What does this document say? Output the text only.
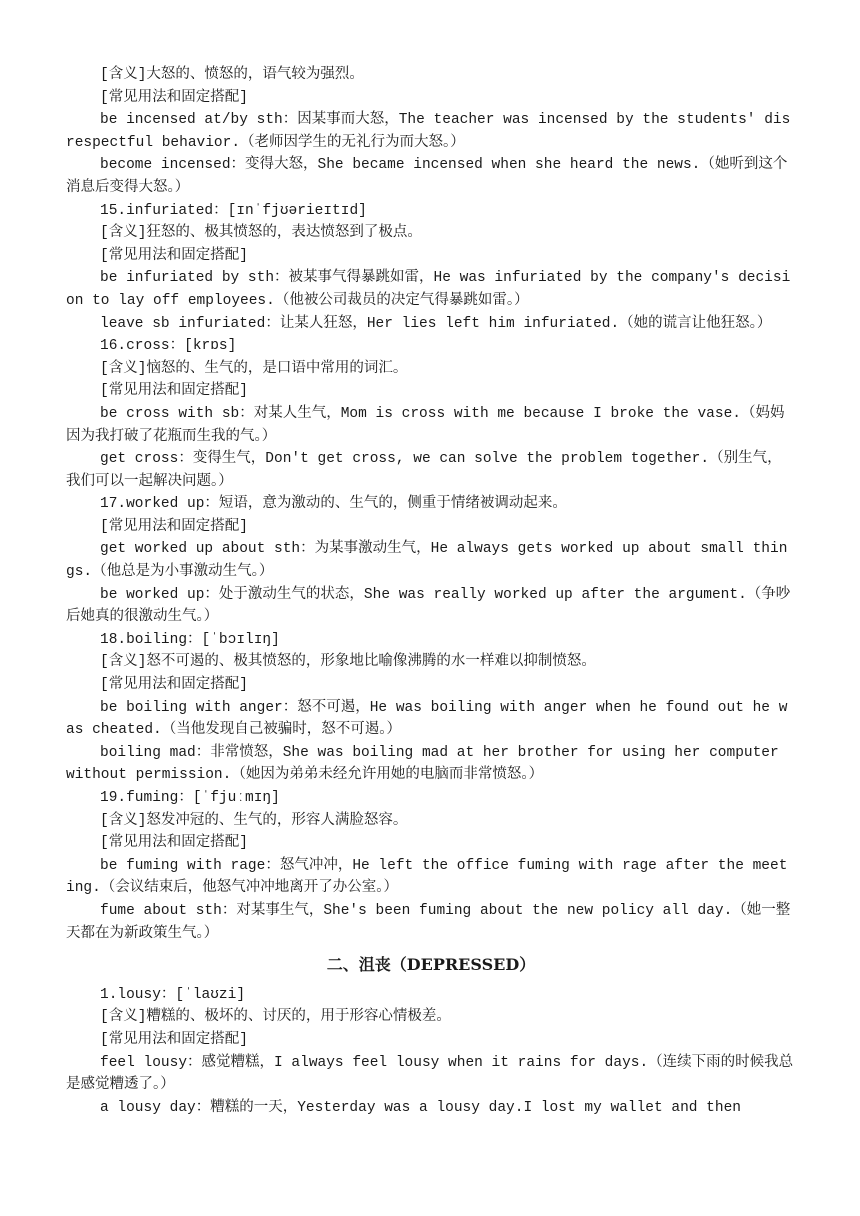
[含义]大怒的、愤怒的，语气较为强烈。

[常见用法和固定搭配]

be incensed at/by sth：因某事而大怒，The teacher was incensed by the students' disrespectful behavior.（老师因学生的无礼行为而大怒。）

become incensed：变得大怒，She became incensed when she heard the news.（她听到这个消息后变得大怒。）

15.infuriated：[ɪnˈfjʊərieɪtɪd]

[含义]狂怒的、极其愤怒的，表达愤怒到了极点。

[常见用法和固定搭配]

be infuriated by sth：被某事气得暴跳如雷，He was infuriated by the company's decision to lay off employees.（他被公司裁员的决定气得暴跳如雷。）

leave sb infuriated：让某人狂怒，Her lies left him infuriated.（她的谎言让他狂怒。）

16.cross：[krɒs]

[含义]恼怒的、生气的，是口语中常用的词汇。

[常见用法和固定搭配]

be cross with sb：对某人生气，Mom is cross with me because I broke the vase.（妈妈因为我打破了花瓶而生我的气。）

get cross：变得生气，Don't get cross, we can solve the problem together.（别生气，我们可以一起解决问题。）

17.worked up：短语，意为激动的、生气的，侧重于情绪被调动起来。

[常见用法和固定搭配]

get worked up about sth：为某事激动生气，He always gets worked up about small things.（他总是为小事激动生气。）

be worked up：处于激动生气的状态，She was really worked up after the argument.（争吵后她真的很激动生气。）

18.boiling：[ˈbɔɪlɪŋ]

[含义]怒不可遏的、极其愤怒的，形象地比喻像沸腾的水一样难以抑制愤怒。

[常见用法和固定搭配]

be boiling with anger：怒不可遏，He was boiling with anger when he found out he was cheated.（当他发现自己被骗时，怒不可遏。）

boiling mad：非常愤怒，She was boiling mad at her brother for using her computer without permission.（她因为弟弟未经允许用她的电脑而非常愤怒。）

19.fuming：[ˈfjuːmɪŋ]

[含义]怒发冲冠的、生气的，形容人满脸怒容。

[常见用法和固定搭配]

be fuming with rage：怒气冲冲，He left the office fuming with rage after the meeting.（会议结束后，他怒气冲冲地离开了办公室。）

fume about sth：对某事生气，She's been fuming about the new policy all day.（她一整天都在为新政策生气。）

二、沮丧（DEPRESSED）

1.lousy：[ˈlaʊzi]

[含义]糟糕的、极坏的、讨厌的，用于形容心情极差。

[常见用法和固定搭配]

feel lousy：感觉糟糕，I always feel lousy when it rains for days.（连续下雨的时候我总是感觉糟透了。）

a lousy day：糟糕的一天，Yesterday was a lousy day.I lost my wallet and then
